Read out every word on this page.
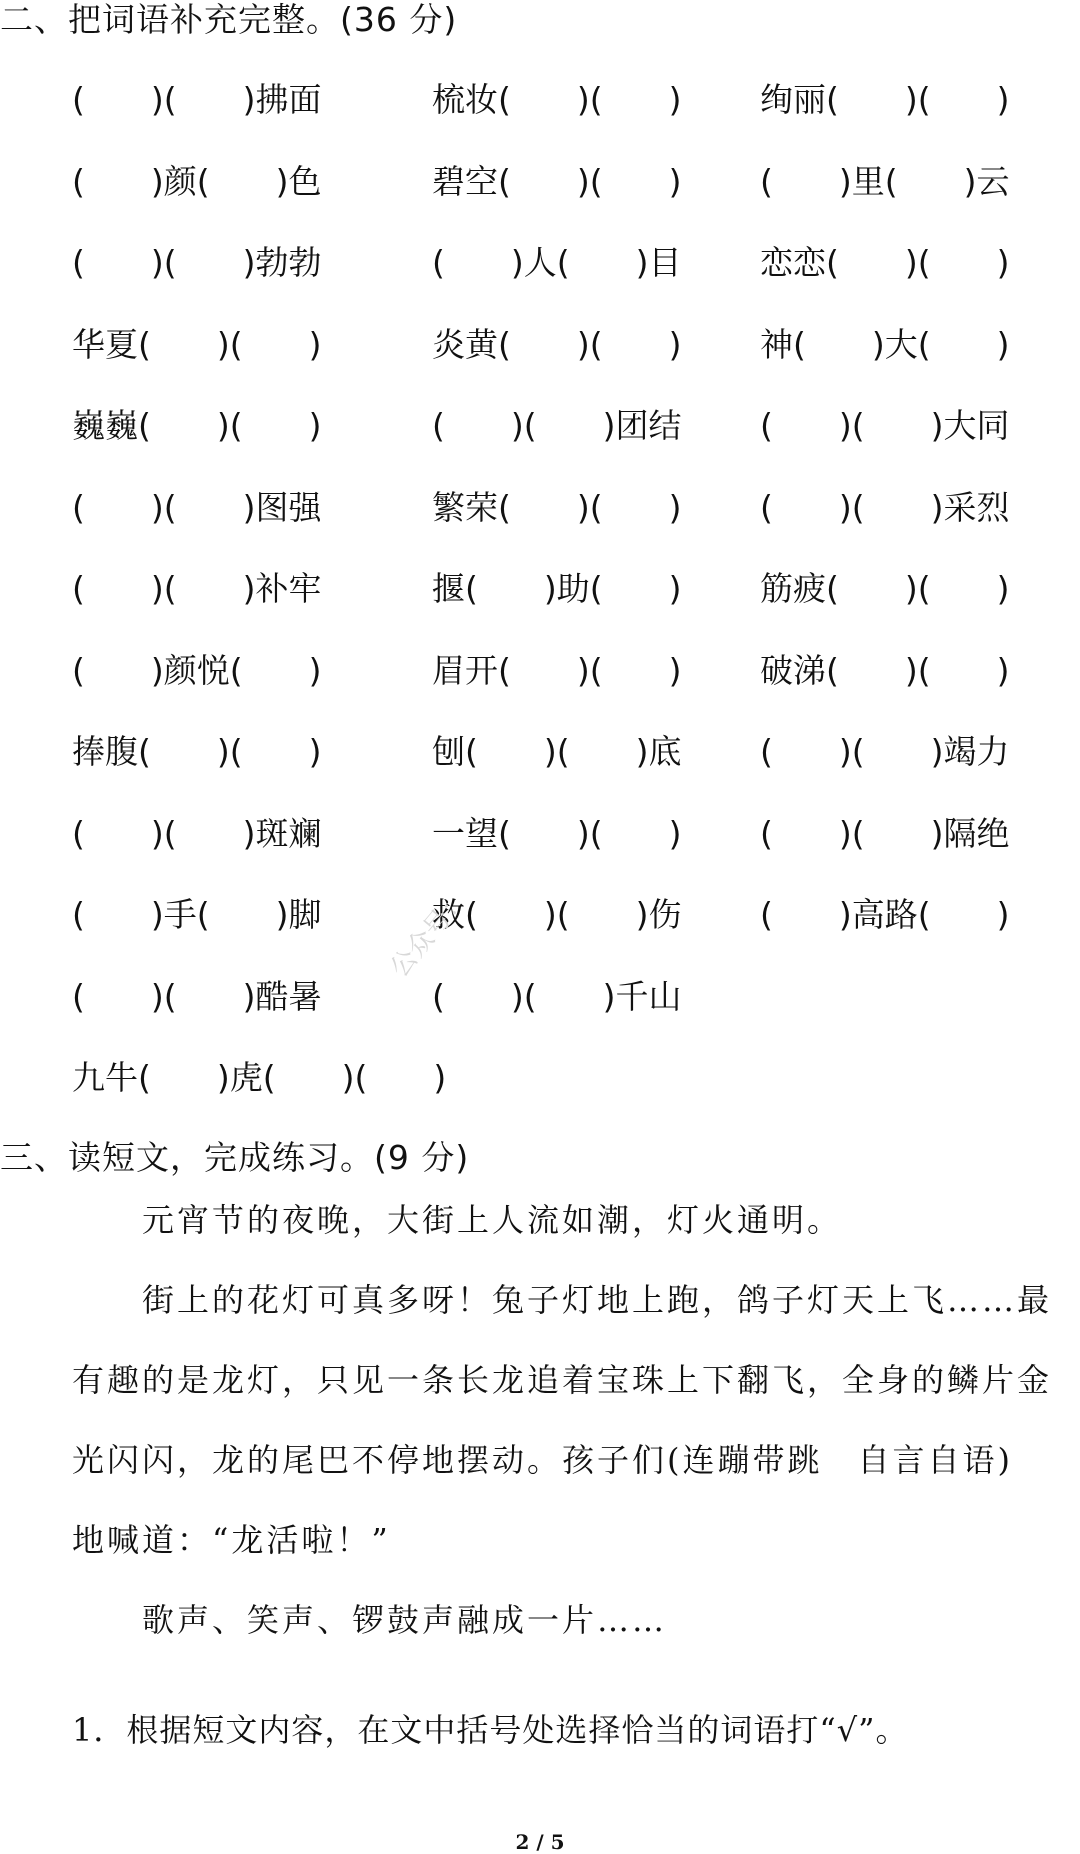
二、把词语补充完整。(36 分)
(　　)(　　)拂面	梳妆(　　)(　　) 绚丽(　　)(　　)
(　　)颜(　　)色	碧空(　　)(　　) (　　)里(　　)云
(　　)(　　)勃勃	(　　)人(　　)目 恋恋(　　)(　　)
华夏(　　)(　　)	炎黄(　　)(　　) 神(　　)大(　　)
巍巍(　　)(　　)	(　　)(　　)团结 (　　)(　　)大同
(　　)(　　)图强	繁荣(　　)(　　) (　　)(　　)采烈
(　　)(　　)补牢	揠(　　)助(　　) 筋疲(　　)(　　)
(　　)颜悦(　　)	眉开(　　)(　　) 破涕(　　)(　　)
捧腹(　　)(　　)	刨(　　)(　　)底 (　　)(　　)竭力
(　　)(　　)斑斓	一望(　　)(　　) (　　)(　　)隔绝
(　　)手(　　)脚	救(　　)(　　)伤 (　　)高路(　　)
(　　)(　　)酷暑	(　　)(　　)千山
九牛(　　)虎(　　)(　　)
三、读短文，完成练习。(9 分)
　　元宵节的夜晚，大街上人流如潮，灯火通明。
　　街上的花灯可真多呀！兔子灯地上跑，鸽子灯天上飞……最
有趣的是龙灯，只见一条长龙追着宝珠上下翻飞，全身的鳞片金
光闪闪，龙的尾巴不停地摆动。孩子们(连蹦带跳　自言自语)
地喊道：“龙活啦！”
　　歌声、笑声、锣鼓声融成一片……
1．根据短文内容，在文中括号处选择恰当的词语打“√”。
公众号：
2 / 5
